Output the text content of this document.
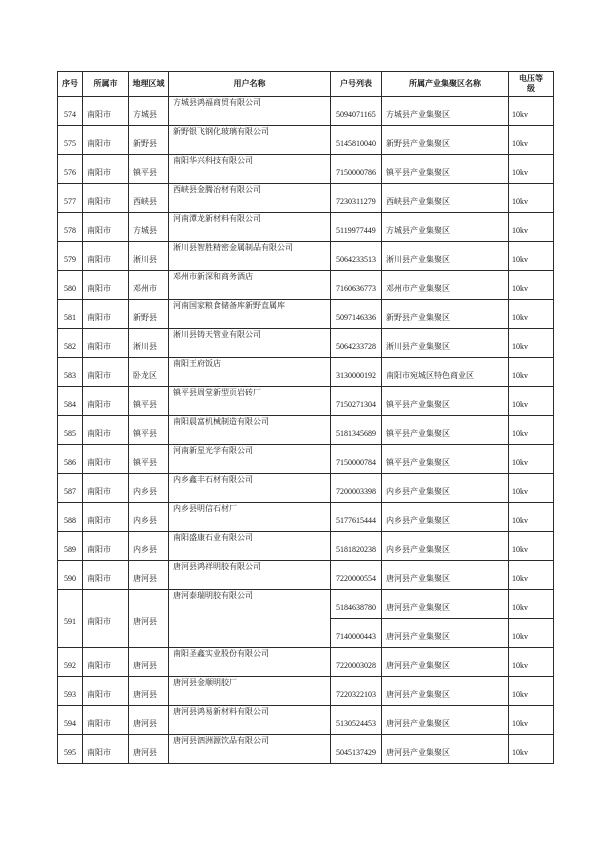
序号	所属市	地理区域	用户名称	户号列表	所属产业集聚区名称	电压等级
574	南阳市	方城县	方城县鸿福商贸有限公司	5094071165	方城县产业集聚区	10kv
575	南阳市	新野县	新野银飞钢化玻璃有限公司	5145810040	新野县产业集聚区	10kv
576	南阳市	镇平县	南阳华兴科技有限公司	7150000786	镇平县产业集聚区	10kv
577	南阳市	西峡县	西峡县金腾冶材有限公司	7230311279	西峡县产业集聚区	10kv
578	南阳市	方城县	河南潭龙新材料有限公司	5119977449	方城县产业集聚区	10kv
579	南阳市	淅川县	淅川县智胜精密金属制品有限公司	5064233513	淅川县产业集聚区	10kv
580	南阳市	邓州市	邓州市新深和商务酒店	7160636773	邓州市产业集聚区	10kv
581	南阳市	新野县	河南国家粮食储备库新野直属库	5097146336	新野县产业集聚区	10kv
582	南阳市	淅川县	淅川县铸天管业有限公司	5064233728	淅川县产业集聚区	10kv
583	南阳市	卧龙区	南阳王府饭店	3130000192	南阳市宛城区特色商业区	10kv
584	南阳市	镇平县	镇平县周堂新型页岩砖厂	7150271304	镇平县产业集聚区	10kv
585	南阳市	镇平县	南阳晨富机械制造有限公司	5181345689	镇平县产业集聚区	10kv
586	南阳市	镇平县	河南新星光学有限公司	7150000784	镇平县产业集聚区	10kv
587	南阳市	内乡县	内乡鑫丰石材有限公司	7200003398	内乡县产业集聚区	10kv
588	南阳市	内乡县	内乡县明信石材厂	5177615444	内乡县产业集聚区	10kv
589	南阳市	内乡县	南阳盛康石业有限公司	5181820238	内乡县产业集聚区	10kv
590	南阳市	唐河县	唐河县鸿祥明胶有限公司	7220000554	唐河县产业集聚区	10kv
591	南阳市	唐河县	唐河泰瑞明胶有限公司	5184638780	唐河县产业集聚区	10kv
				7140000443	唐河县产业集聚区	10kv
592	南阳市	唐河县	南阳圣鑫实业股份有限公司	7220003028	唐河县产业集聚区	10kv
593	南阳市	唐河县	唐河县金顺明胶厂	7220322103	唐河县产业集聚区	10kv
594	南阳市	唐河县	唐河县鸿易新材料有限公司	5130524453	唐河县产业集聚区	10kv
595	南阳市	唐河县	唐河县泗洲源饮品有限公司	5045137429	唐河县产业集聚区	10kv
